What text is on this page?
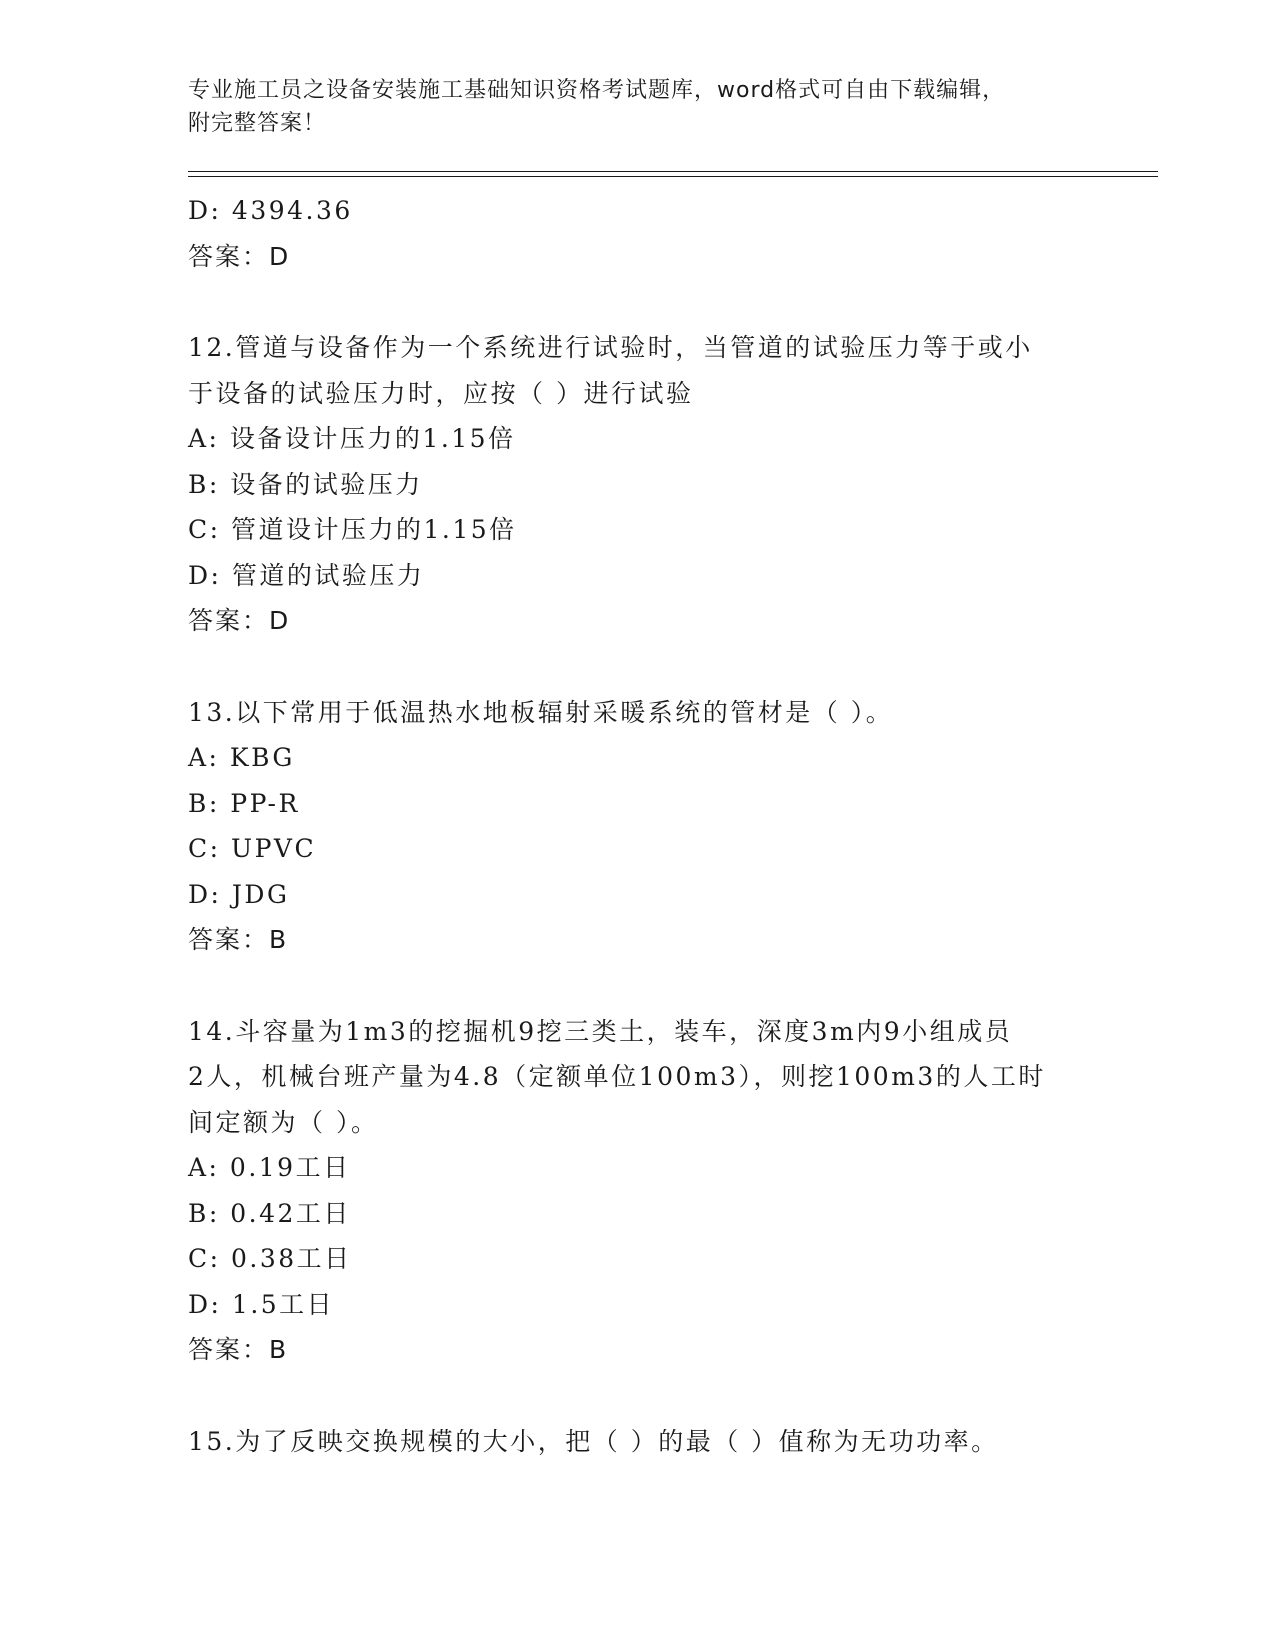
专业施工员之设备安装施工基础知识资格考试题库，word格式可自由下载编辑，
附完整答案！
D: 4394.36
答案：D
12.管道与设备作为一个系统进行试验时，当管道的试验压力等于或小
于设备的试验压力时，应按（ ）进行试验
A: 设备设计压力的1.15倍
B: 设备的试验压力
C: 管道设计压力的1.15倍
D: 管道的试验压力
答案：D
13.以下常用于低温热水地板辐射采暖系统的管材是（ ）。
A: KBG
B: PP-R
C: UPVC
D: JDG
答案：B
14.斗容量为1m3的挖掘机9挖三类土，装车，深度3m内9小组成员
2人，机械台班产量为4.8（定额单位100m3），则挖100m3的人工时
间定额为（ ）。
A: 0.19工日
B: 0.42工日
C: 0.38工日
D: 1.5工日
答案：B
15.为了反映交换规模的大小，把（ ）的最（ ）值称为无功功率。
